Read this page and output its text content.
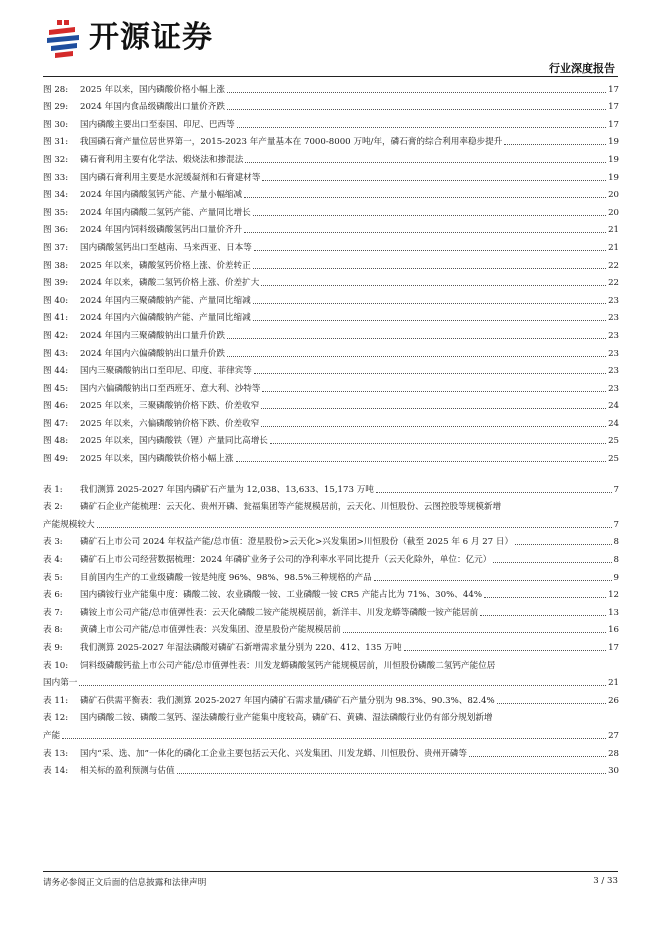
开源证券
行业深度报告
图 28:	2025 年以来，国内磷酸价格小幅上涨	17
图 29:	2024 年国内食品级磷酸出口量价齐跌	17
图 30:	国内磷酸主要出口至泰国、印尼、巴西等	17
图 31:	我国磷石膏产量位居世界第一，2015-2023 年产量基本在 7000-8000 万吨/年，磷石膏的综合利用率稳步提升	19
图 32:	磷石膏利用主要有化学法、煅烧法和掺混法	19
图 33:	国内磷石膏利用主要是水泥缓凝剂和石膏建材等	19
图 34:	2024 年国内磷酸氢钙产能、产量小幅缩减	20
图 35:	2024 年国内磷酸二氢钙产能、产量同比增长	20
图 36:	2024 年国内饲料级磷酸氢钙出口量价齐升	21
图 37:	国内磷酸氢钙出口至越南、马来西亚、日本等	21
图 38:	2025 年以来，磷酸氢钙价格上涨、价差转正	22
图 39:	2024 年以来，磷酸二氢钙价格上涨、价差扩大	22
图 40:	2024 年国内三聚磷酸钠产能、产量同比缩减	23
图 41:	2024 年国内六偏磷酸钠产能、产量同比缩减	23
图 42:	2024 年国内三聚磷酸钠出口量升价跌	23
图 43:	2024 年国内六偏磷酸钠出口量升价跌	23
图 44:	国内三聚磷酸钠出口至印尼、印度、菲律宾等	23
图 45:	国内六偏磷酸钠出口至西班牙、意大利、沙特等	23
图 46:	2025 年以来，三聚磷酸钠价格下跌、价差收窄	24
图 47:	2025 年以来，六偏磷酸钠价格下跌、价差收窄	24
图 48:	2025 年以来，国内磷酸铁（锂）产量同比高增长	25
图 49:	2025 年以来，国内磷酸铁价格小幅上涨	25
表 1:	我们测算 2025-2027 年国内磷矿石产量为 12,038、13,633、15,173 万吨	7
表 2:	磷矿石企业产能梳理：云天化、贵州开磷、瓮福集团等产能规模居前，云天化、川恒股份、云图控股等规模新增
产能规模较大	7
表 3:	磷矿石上市公司 2024 年权益产能/总市值：澄星股份>云天化>兴发集团>川恒股份（截至 2025 年 6 月 27 日）	8
表 4:	磷矿石上市公司经营数据梳理：2024 年磷矿业务子公司的净利率水平同比提升（云天化除外，单位：亿元）	8
表 5:	目前国内生产的工业级磷酸一铵是纯度 96%、98%、98.5%三种规格的产品	9
表 6:	国内磷铵行业产能集中度：磷酸二铵、农业磷酸一铵、工业磷酸一铵 CR5 产能占比为 71%、30%、44%	12
表 7:	磷铵上市公司产能/总市值弹性表：云天化磷酸二铵产能规模居前，新洋丰、川发龙蟒等磷酸一铵产能居前	13
表 8:	黄磷上市公司产能/总市值弹性表：兴发集团、澄星股份产能规模居前	16
表 9:	我们测算 2025-2027 年湿法磷酸对磷矿石新增需求量分别为 220、412、135 万吨	17
表 10:	饲料级磷酸钙盐上市公司产能/总市值弹性表：川发龙蟒磷酸氢钙产能规模居前，川恒股份磷酸二氢钙产能位居
国内第一	21
表 11:	磷矿石供需平衡表：我们测算 2025-2027 年国内磷矿石需求量/磷矿石产量分别为 98.3%、90.3%、82.4%	26
表 12:	国内磷酸二铵、磷酸二氢钙、湿法磷酸行业产能集中度较高，磷矿石、黄磷、湿法磷酸行业仍有部分规划新增
产能	27
表 13:	国内“采、选、加”一体化的磷化工企业主要包括云天化、兴发集团、川发龙蟒、川恒股份、贵州开磷等	28
表 14:	相关标的盈利预测与估值	30
请务必参阅正文后面的信息披露和法律声明	3 / 33
